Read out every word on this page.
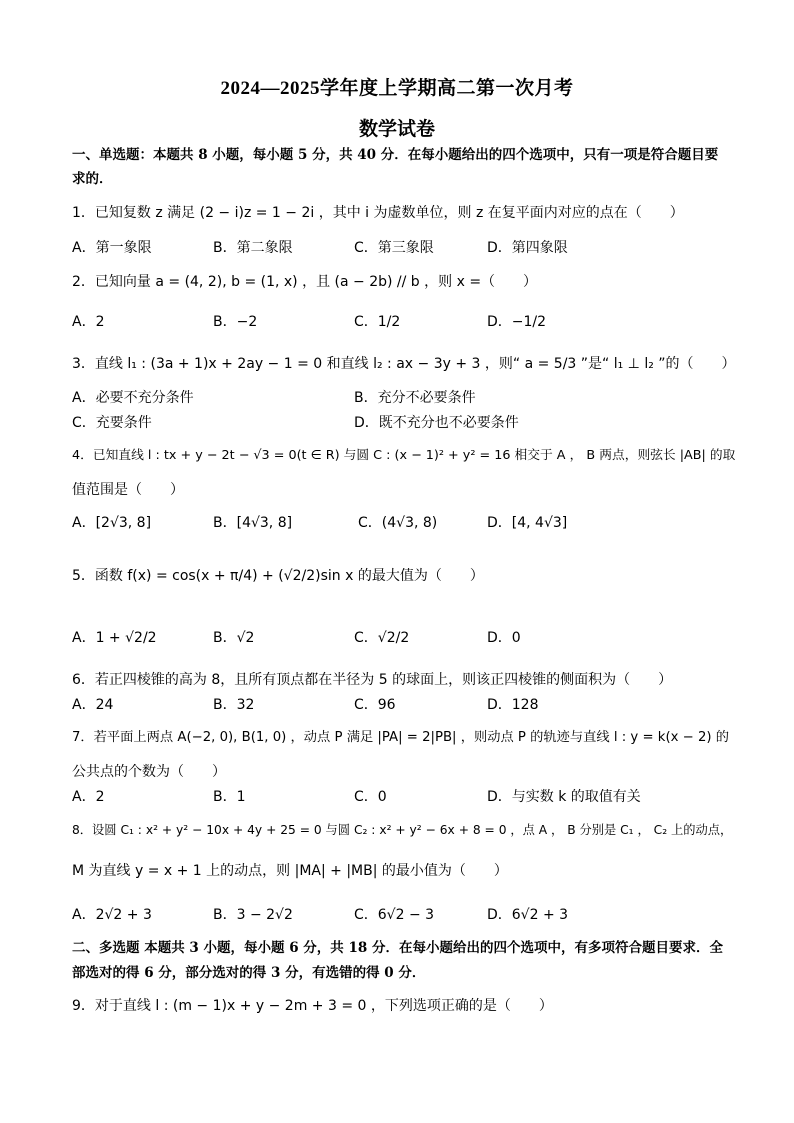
2024—2025学年度上学期高二第一次月考
数学试卷
一、单选题：本题共 8 小题，每小题 5 分，共 40 分．在每小题给出的四个选项中，只有一项是符合题目要
求的．
1．已知复数 z 满足 (2 − i)z = 1 − 2i ，其中 i 为虚数单位，则 z 在复平面内对应的点在（　　）
A．第一象限	B．第二象限	C．第三象限	D．第四象限
2．已知向量 a = (4, 2), b = (1, x) ，且 (a − 2b) // b ，则 x =（　　）
A．2	B．−2	C．1/2	D．−1/2
3．直线 l₁ : (3a + 1)x + 2ay − 1 = 0 和直线 l₂ : ax − 3y + 3 ，则“ a = 5/3 ”是“ l₁ ⊥ l₂ ”的（　　）
A．必要不充分条件	B．充分不必要条件
C．充要条件	D．既不充分也不必要条件
4．已知直线 l : tx + y − 2t − √3 = 0(t ∈ R) 与圆 C : (x − 1)² + y² = 16 相交于 A ， B 两点，则弦长 |AB| 的取
值范围是（　　）
A．[2√3, 8]	B．[4√3, 8]	C．(4√3, 8)	D．[4, 4√3]
5．函数 f(x) = cos(x + π/4) + (√2/2)sin x 的最大值为（　　）
A．1 + √2/2	B．√2	C．√2/2	D．0
6．若正四棱锥的高为 8，且所有顶点都在半径为 5 的球面上，则该正四棱锥的侧面积为（　　）
A．24	B．32	C．96	D．128
7．若平面上两点 A(−2, 0), B(1, 0) ，动点 P 满足 |PA| = 2|PB| ，则动点 P 的轨迹与直线 l : y = k(x − 2) 的
公共点的个数为（　　）
A．2	B．1	C．0	D．与实数 k 的取值有关
8．设圆 C₁ : x² + y² − 10x + 4y + 25 = 0 与圆 C₂ : x² + y² − 6x + 8 = 0 ，点 A ， B 分别是 C₁ ， C₂ 上的动点，
M 为直线 y = x + 1 上的动点，则 |MA| + |MB| 的最小值为（　　）
A．2√2 + 3	B．3 − 2√2	C．6√2 − 3	D．6√2 + 3
二、多选题 本题共 3 小题，每小题 6 分，共 18 分．在每小题给出的四个选项中，有多项符合题目要求．全
部选对的得 6 分，部分选对的得 3 分，有选错的得 0 分．
9．对于直线 l : (m − 1)x + y − 2m + 3 = 0 ，下列选项正确的是（　　）
